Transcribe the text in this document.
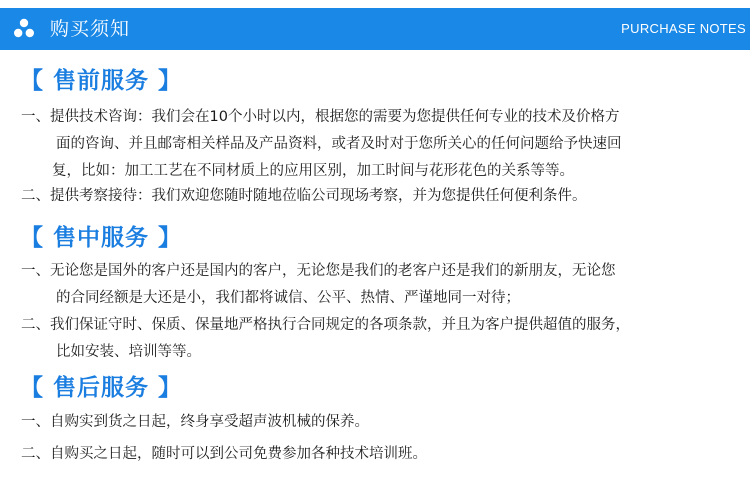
购买须知	PURCHASE NOTES
【 售前服务 】
一、提供技术咨询：我们会在10个小时以内，根据您的需要为您提供任何专业的技术及价格方
面的咨询、并且邮寄相关样品及产品资料，或者及时对于您所关心的任何问题给予快速回
复，比如：加工工艺在不同材质上的应用区别，加工时间与花形花色的关系等等。
二、提供考察接待：我们欢迎您随时随地莅临公司现场考察，并为您提供任何便利条件。
【 售中服务 】
一、无论您是国外的客户还是国内的客户，无论您是我们的老客户还是我们的新朋友，无论您
的合同经额是大还是小，我们都将诚信、公平、热情、严谨地同一对待；
二、我们保证守时、保质、保量地严格执行合同规定的各项条款，并且为客户提供超值的服务，
比如安装、培训等等。
【 售后服务 】
一、自购实到货之日起，终身享受超声波机械的保养。
二、自购买之日起，随时可以到公司免费参加各种技术培训班。
